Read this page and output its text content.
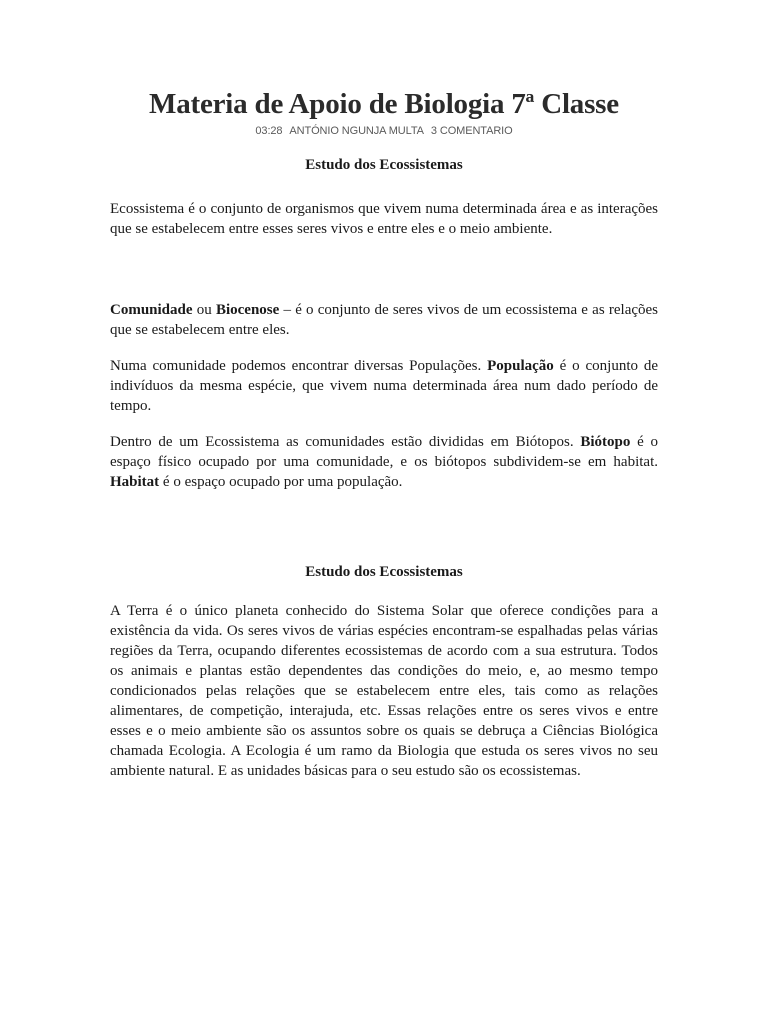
Materia de Apoio de Biologia 7ª Classe
03:28 ANTÓNIO NGUNJA MULTA 3 COMENTARIO
Estudo dos Ecossistemas

Ecossistema é o conjunto de organismos que vivem numa determinada área e as interações que se estabelecem entre esses seres vivos e entre eles e o meio ambiente.

Comunidade ou Biocenose – é o conjunto de seres vivos de um ecossistema e as relações que se estabelecem entre eles.

Numa comunidade podemos encontrar diversas Populações. População é o conjunto de indivíduos da mesma espécie, que vivem numa determinada área num dado período de tempo.

Dentro de um Ecossistema as comunidades estão divididas em Biótopos. Biótopo é o espaço físico ocupado por uma comunidade, e os biótopos subdividem-se em habitat. Habitat é o espaço ocupado por uma população.

Estudo dos Ecossistemas

A Terra é o único planeta conhecido do Sistema Solar que oferece condições para a existência da vida. Os seres vivos de várias espécies encontram-se espalhadas pelas várias regiões da Terra, ocupando diferentes ecossistemas de acordo com a sua estrutura. Todos os animais e plantas estão dependentes das condições do meio, e, ao mesmo tempo condicionados pelas relações que se estabelecem entre eles, tais como as relações alimentares, de competição, interajuda, etc. Essas relações entre os seres vivos e entre esses e o meio ambiente são os assuntos sobre os quais se debruça a Ciências Biológica chamada Ecologia. A Ecologia é um ramo da Biologia que estuda os seres vivos no seu ambiente natural. E as unidades básicas para o seu estudo são os ecossistemas.
